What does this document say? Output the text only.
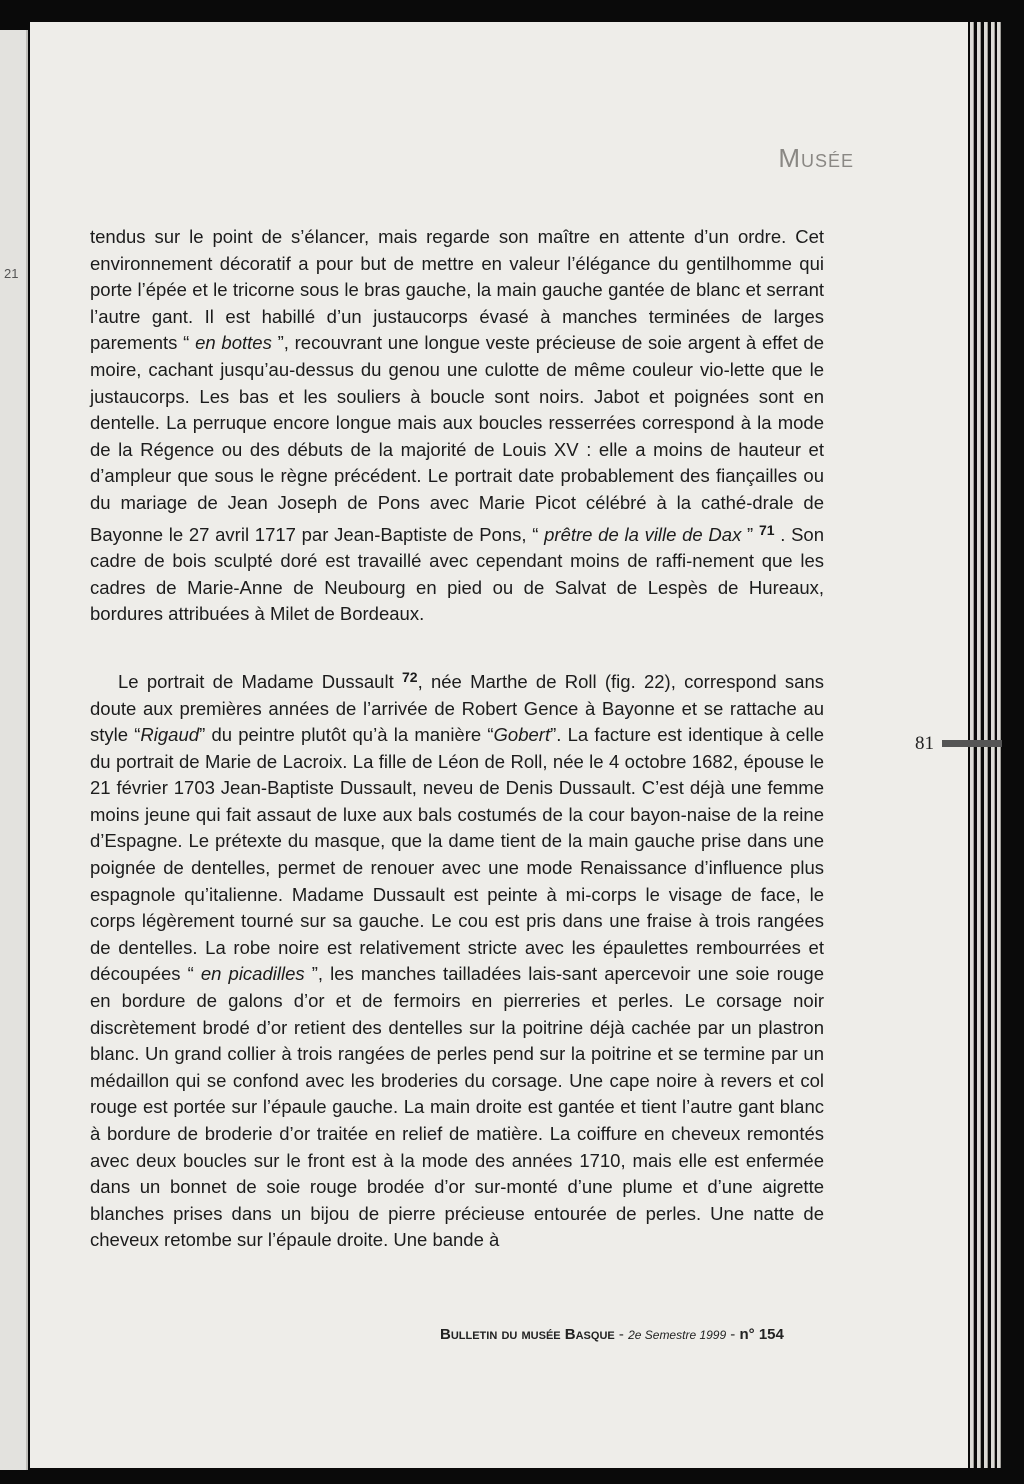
21
Musée

tendus sur le point de s’élancer, mais regarde son maître en attente d’un ordre. Cet environnement décoratif a pour but de mettre en valeur l’élégance du gentilhomme qui porte l’épée et le tricorne sous le bras gauche, la main gauche gantée de blanc et serrant l’autre gant. Il est habillé d’un justaucorps évasé à manches terminées de larges parements “ en bottes ”, recouvrant une longue veste précieuse de soie argent à effet de moire, cachant jusqu’au-dessus du genou une culotte de même couleur vio-lette que le justaucorps. Les bas et les souliers à boucle sont noirs. Jabot et poignées sont en dentelle. La perruque encore longue mais aux boucles resserrées correspond à la mode de la Régence ou des débuts de la majorité de Louis XV : elle a moins de hauteur et d’ampleur que sous le règne précédent. Le portrait date probablement des fiançailles ou du mariage de Jean Joseph de Pons avec Marie Picot célébré à la cathé-drale de Bayonne le 27 avril 1717 par Jean-Baptiste de Pons, “ prêtre de la ville de Dax ” $^{71}$ . Son cadre de bois sculpté doré est travaillé avec cependant moins de raffi-nement que les cadres de Marie-Anne de Neubourg en pied ou de Salvat de Lespès de Hureaux, bordures attribuées à Milet de Bordeaux.

Le portrait de Madame Dussault $^{72}$, née Marthe de Roll (fig. 22), correspond sans doute aux premières années de l’arrivée de Robert Gence à Bayonne et se rattache au style “Rigaud” du peintre plutôt qu’à la manière “Gobert”. La facture est identique à celle du portrait de Marie de Lacroix. La fille de Léon de Roll, née le 4 octobre 1682, épouse le 21 février 1703 Jean-Baptiste Dussault, neveu de Denis Dussault. C’est déjà une femme moins jeune qui fait assaut de luxe aux bals costumés de la cour bayon-naise de la reine d’Espagne. Le prétexte du masque, que la dame tient de la main gauche prise dans une poignée de dentelles, permet de renouer avec une mode Renaissance d’influence plus espagnole qu’italienne. Madame Dussault est peinte à mi-corps le visage de face, le corps légèrement tourné sur sa gauche. Le cou est pris dans une fraise à trois rangées de dentelles. La robe noire est relativement stricte avec les épaulettes rembourrées et découpées “ en picadilles ”, les manches tailladées lais-sant apercevoir une soie rouge en bordure de galons d’or et de fermoirs en pierreries et perles. Le corsage noir discrètement brodé d’or retient des dentelles sur la poitrine déjà cachée par un plastron blanc. Un grand collier à trois rangées de perles pend sur la poitrine et se termine par un médaillon qui se confond avec les broderies du corsage. Une cape noire à revers et col rouge est portée sur l’épaule gauche. La main droite est gantée et tient l’autre gant blanc à bordure de broderie d’or traitée en relief de matière. La coiffure en cheveux remontés avec deux boucles sur le front est à la mode des années 1710, mais elle est enfermée dans un bonnet de soie rouge brodée d’or sur-monté d’une plume et d’une aigrette blanches prises dans un bijou de pierre précieuse entourée de perles. Une natte de cheveux retombe sur l’épaule droite. Une bande à

81
Bulletin du musée Basque - 2e Semestre 1999 - n° 154
